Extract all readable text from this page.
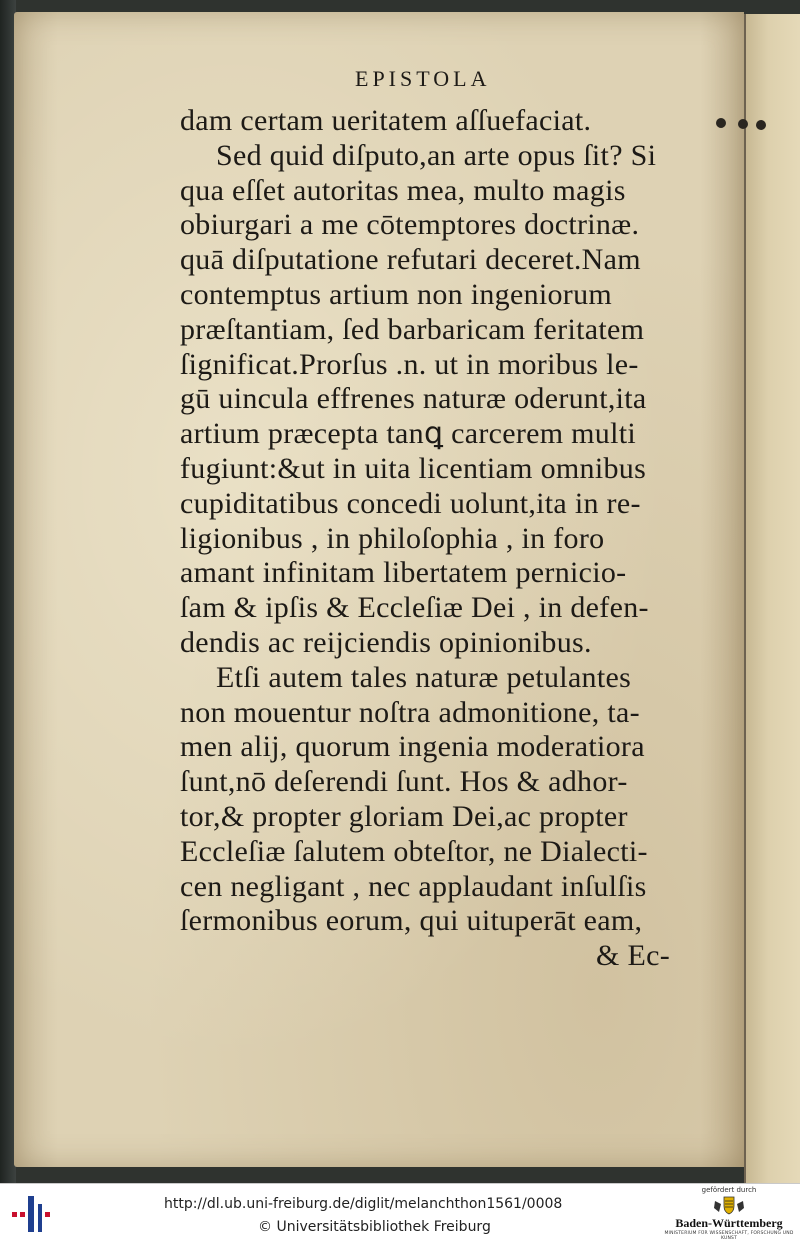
EPISTOLA
dam certam ueritatem aſſuefaciat.
Sed quid diſputo,an arte opus ſit? Si
qua eſſet autoritas mea, multo magis
obiurgari a me cōtemptores doctrinæ.
quā diſputatione refutari deceret.Nam
contemptus artium non ingeniorum
præſtantiam, ſed barbaricam feritatem
ſignificat.Prorſus .n. ut in moribus le-
gū uincula effrenes naturæ oderunt,ita
artium præcepta tanꝗ carcerem multi
fugiunt:&ut in uita licentiam omnibus
cupiditatibus concedi uolunt,ita in re-
ligionibus , in philoſophia , in foro
amant infinitam libertatem pernicio-
ſam & ipſis & Eccleſiæ Dei , in defen-
dendis ac reijciendis opinionibus.
Etſi autem tales naturæ petulantes
non mouentur noſtra admonitione, ta-
men alij, quorum ingenia moderatiora
ſunt,nō deſerendi ſunt. Hos & adhor-
tor,& propter gloriam Dei,ac propter
Eccleſiæ ſalutem obteſtor, ne Dialecti-
cen negligant , nec applaudant inſulſis
ſermonibus eorum, qui uituperāt eam,
& Ec-
http://dl.ub.uni-freiburg.de/diglit/melanchthon1561/0008
© Universitätsbibliothek Freiburg
gefördert durch
Baden-Württemberg
MINISTERIUM FÜR WISSENSCHAFT, FORSCHUNG UND KUNST
